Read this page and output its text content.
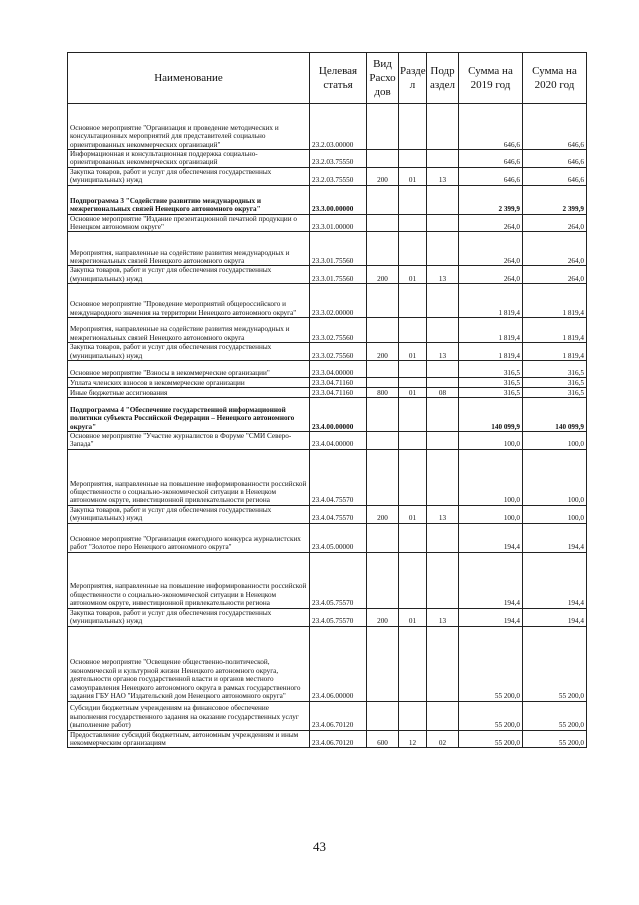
Наименование	Целевая статья	Вид Расхо дов	Разде л	Подр аздел	Сумма на 2019 год	Сумма на 2020 год
Основное мероприятие "Организация и проведение методических и консультационных мероприятий для представителей социально ориентированных некоммерческих организаций"	23.2.03.00000				646,6	646,6
Информационная и консультационная поддержка социально-ориентированных некоммерческих организаций	23.2.03.75550				646,6	646,6
Закупка товаров, работ и услуг для обеспечения государственных (муниципальных) нужд	23.2.03.75550	200	01	13	646,6	646,6
Подпрограмма 3 "Содействие развитию международных и межрегиональных связей Ненецкого автономного округа"	23.3.00.00000				2 399,9	2 399,9
Основное мероприятие "Издание презентационной печатной продукции о Ненецком автономном округе"	23.3.01.00000				264,0	264,0
Мероприятия, направленные на содействие развития международных и межрегиональных связей Ненецкого автономного округа	23.3.01.75560				264,0	264,0
Закупка товаров, работ и услуг для обеспечения государственных (муниципальных) нужд	23.3.01.75560	200	01	13	264,0	264,0
Основное мероприятие "Проведение мероприятий общероссийского и международного значения на территории Ненецкого автономного округа"	23.3.02.00000				1 819,4	1 819,4
Мероприятия, направленные на содействие развития международных и межрегиональных связей Ненецкого автономного округа	23.3.02.75560				1 819,4	1 819,4
Закупка товаров, работ и услуг для обеспечения государственных (муниципальных) нужд	23.3.02.75560	200	01	13	1 819,4	1 819,4
Основное мероприятие "Взносы в некоммерческие организации"	23.3.04.00000				316,5	316,5
Уплата членских взносов в некоммерческие организации	23.3.04.71160				316,5	316,5
Иные бюджетные ассигнования	23.3.04.71160	800	01	08	316,5	316,5
Подпрограмма 4 "Обеспечение государственной информационной политики субъекта Российской Федерации – Ненецкого автономного округа"	23.4.00.00000				140 099,9	140 099,9
Основное мероприятие "Участие журналистов в Форуме "СМИ Северо-Запада"	23.4.04.00000				100,0	100,0
Мероприятия, направленные на повышение информированности российской общественности о социально-экономической ситуации в Ненецком автономном округе, инвестиционной привлекательности региона	23.4.04.75570				100,0	100,0
Закупка товаров, работ и услуг для обеспечения государственных (муниципальных) нужд	23.4.04.75570	200	01	13	100,0	100,0
Основное мероприятие "Организация ежегодного конкурса журналистских работ "Золотое перо Ненецкого автономного округа"	23.4.05.00000				194,4	194,4
Мероприятия, направленные на повышение информированности российской общественности о социально-экономической ситуации в Ненецком автономном округе, инвестиционной привлекательности региона	23.4.05.75570				194,4	194,4
Закупка товаров, работ и услуг для обеспечения государственных (муниципальных) нужд	23.4.05.75570	200	01	13	194,4	194,4
Основное мероприятие "Освещение общественно-политической, экономической и культурной жизни Ненецкого автономного округа, деятельности органов государственной власти и органов местного самоуправления Ненецкого автономного округа в рамках государственного задания ГБУ НАО "Издательский дом Ненецкого автономного округа"	23.4.06.00000				55 200,0	55 200,0
Субсидии бюджетным учреждениям на финансовое обеспечение выполнения государственного задания на оказание государственных услуг (выполнение работ)	23.4.06.70120				55 200,0	55 200,0
Предоставление субсидий бюджетным, автономным учреждениям и иным некоммерческим организациям	23.4.06.70120	600	12	02	55 200,0	55 200,0
43
